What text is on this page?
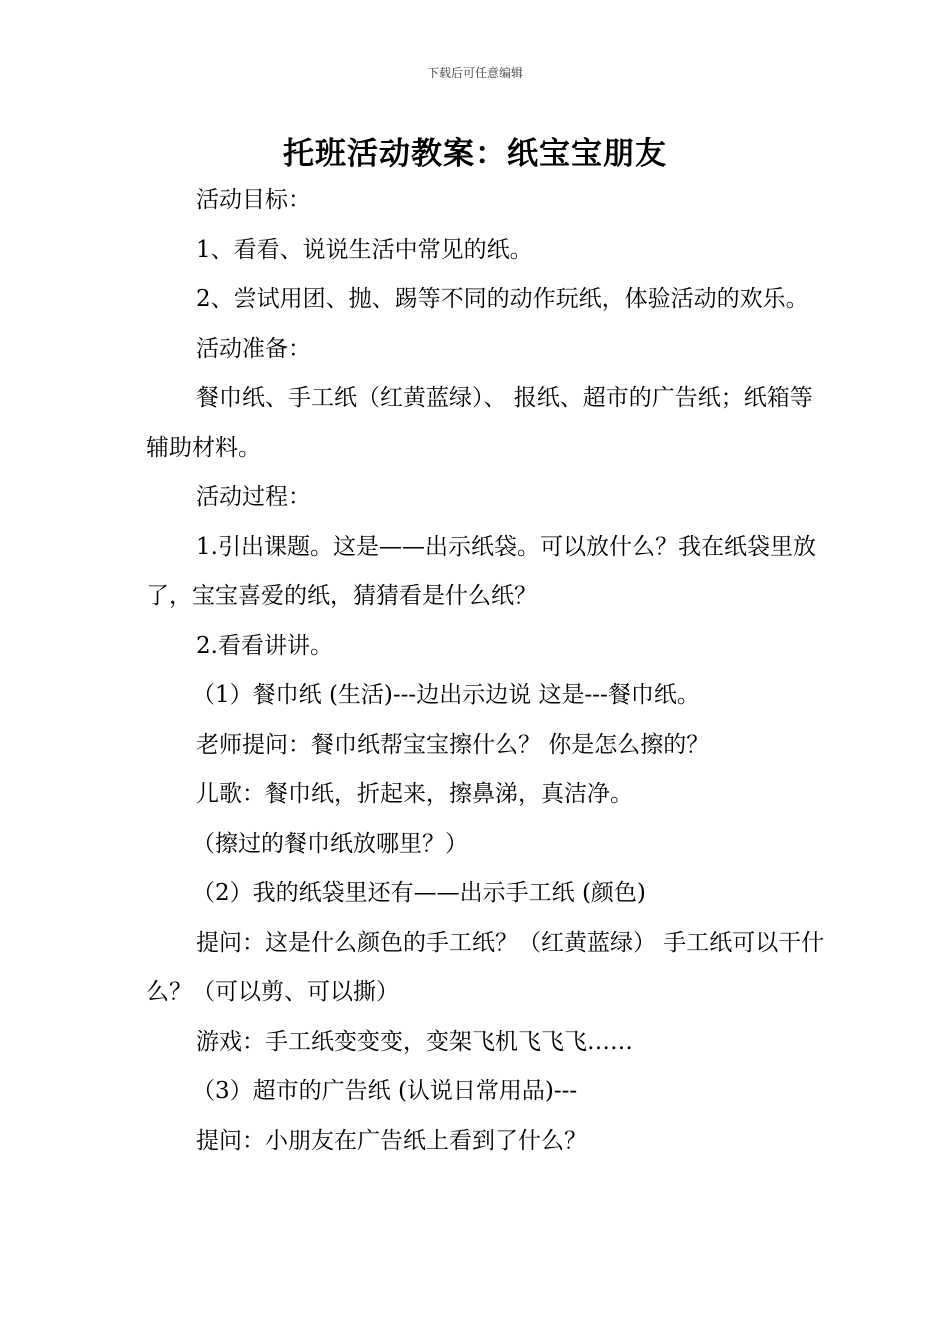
下载后可任意编辑
托班活动教案：纸宝宝朋友

活动目标：

1、看看、说说生活中常见的纸。

2、尝试用团、抛、踢等不同的动作玩纸，体验活动的欢乐。

活动准备：

餐巾纸、手工纸（红黄蓝绿）、 报纸、超市的广告纸；纸箱等辅助材料。

活动过程：

1.引出课题。这是——出示纸袋。可以放什么？我在纸袋里放了，宝宝喜爱的纸，猜猜看是什么纸？

2.看看讲讲。

（1）餐巾纸 (生活)---边出示边说 这是---餐巾纸。

老师提问：餐巾纸帮宝宝擦什么？ 你是怎么擦的？

儿歌：餐巾纸，折起来，擦鼻涕，真洁净。

（擦过的餐巾纸放哪里？）

（2）我的纸袋里还有——出示手工纸 (颜色)

提问：这是什么颜色的手工纸？（红黄蓝绿） 手工纸可以干什么？（可以剪、可以撕）

游戏：手工纸变变变，变架飞机飞飞飞……

（3）超市的广告纸 (认说日常用品)---

提问：小朋友在广告纸上看到了什么？
